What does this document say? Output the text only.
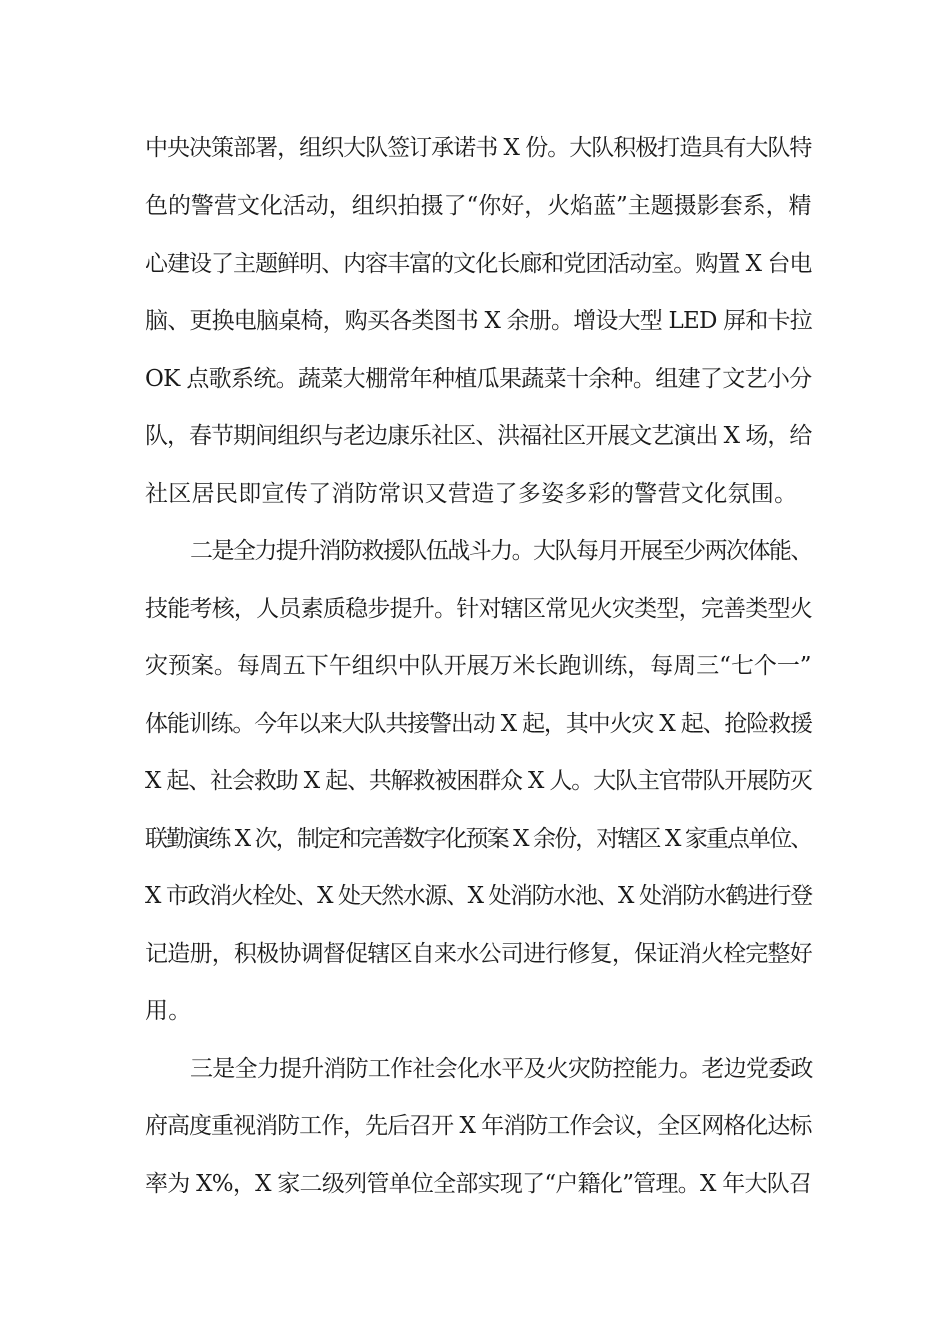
中央决策部署，组织大队签订承诺书 X 份。大队积极打造具有大队特
色的警营文化活动，组织拍摄了“你好，火焰蓝”主题摄影套系，精
心建设了主题鲜明、内容丰富的文化长廊和党团活动室。购置 X 台电
脑、更换电脑桌椅，购买各类图书 X 余册。增设大型 LED 屏和卡拉
OK 点歌系统。蔬菜大棚常年种植瓜果蔬菜十余种。组建了文艺小分
队，春节期间组织与老边康乐社区、洪福社区开展文艺演出 X 场，给
社区居民即宣传了消防常识又营造了多姿多彩的警营文化氛围。
二是全力提升消防救援队伍战斗力。大队每月开展至少两次体能、
技能考核，人员素质稳步提升。针对辖区常见火灾类型，完善类型火
灾预案。每周五下午组织中队开展万米长跑训练，每周三“七个一”
体能训练。今年以来大队共接警出动 X 起，其中火灾 X 起、抢险救援
X 起、社会救助 X 起、共解救被困群众 X 人。大队主官带队开展防灭
联勤演练 X 次，制定和完善数字化预案 X 余份，对辖区 X 家重点单位、
X 市政消火栓处、X 处天然水源、X 处消防水池、X 处消防水鹤进行登
记造册，积极协调督促辖区自来水公司进行修复，保证消火栓完整好
用。
三是全力提升消防工作社会化水平及火灾防控能力。老边党委政
府高度重视消防工作，先后召开 X 年消防工作会议，全区网格化达标
率为 X%，X 家二级列管单位全部实现了“户籍化”管理。X 年大队召
